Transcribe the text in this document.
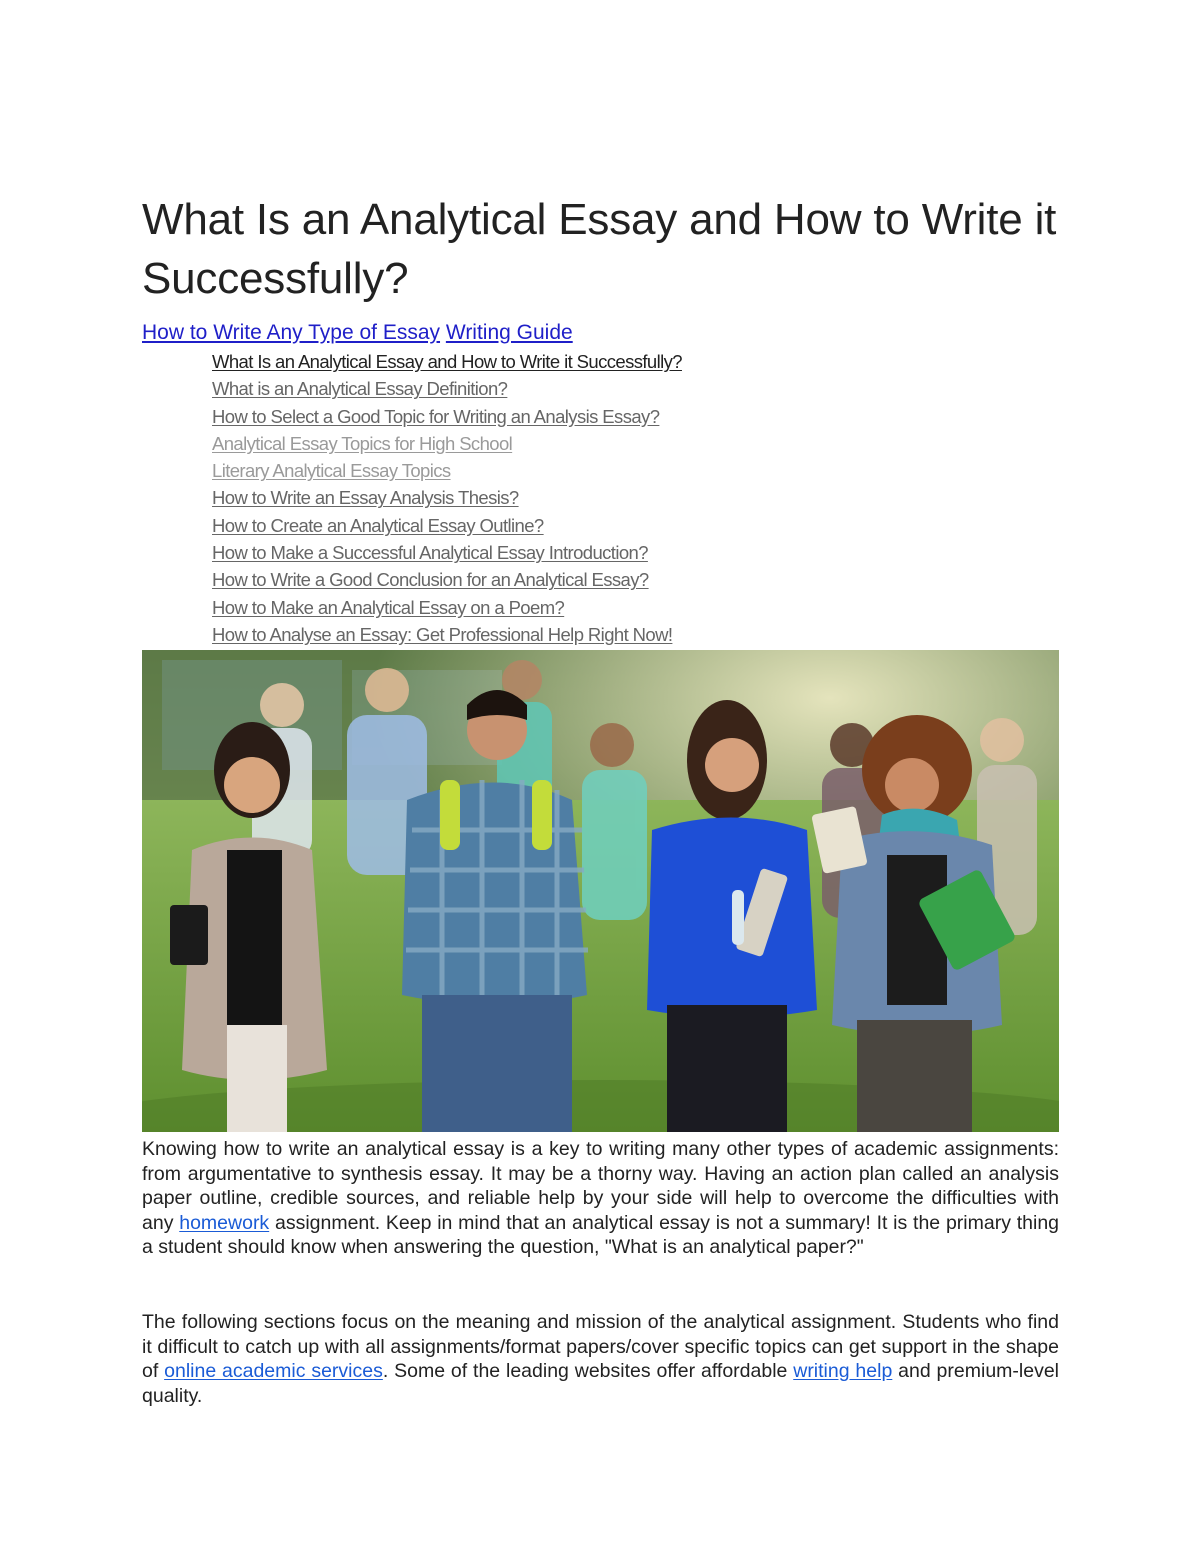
What Is an Analytical Essay and How to Write it Successfully?
How to Write Any Type of Essay Writing Guide
What Is an Analytical Essay and How to Write it Successfully?
What is an Analytical Essay Definition?
How to Select a Good Topic for Writing an Analysis Essay?
Analytical Essay Topics for High School
Literary Analytical Essay Topics
How to Write an Essay Analysis Thesis?
How to Create an Analytical Essay Outline?
How to Make a Successful Analytical Essay Introduction?
How to Write a Good Conclusion for an Analytical Essay?
How to Make an Analytical Essay on a Poem?
How to Analyse an Essay: Get Professional Help Right Now!

Knowing how to write an analytical essay is a key to writing many other types of academic assignments: from argumentative to synthesis essay. It may be a thorny way. Having an action plan called an analysis paper outline, credible sources, and reliable help by your side will help to overcome the difficulties with any homework assignment. Keep in mind that an analytical essay is not a summary! It is the primary thing a student should know when answering the question, "What is an analytical paper?"

The following sections focus on the meaning and mission of the analytical assignment. Students who find it difficult to catch up with all assignments/format papers/cover specific topics can get support in the shape of online academic services. Some of the leading websites offer affordable writing help and premium-level quality.
